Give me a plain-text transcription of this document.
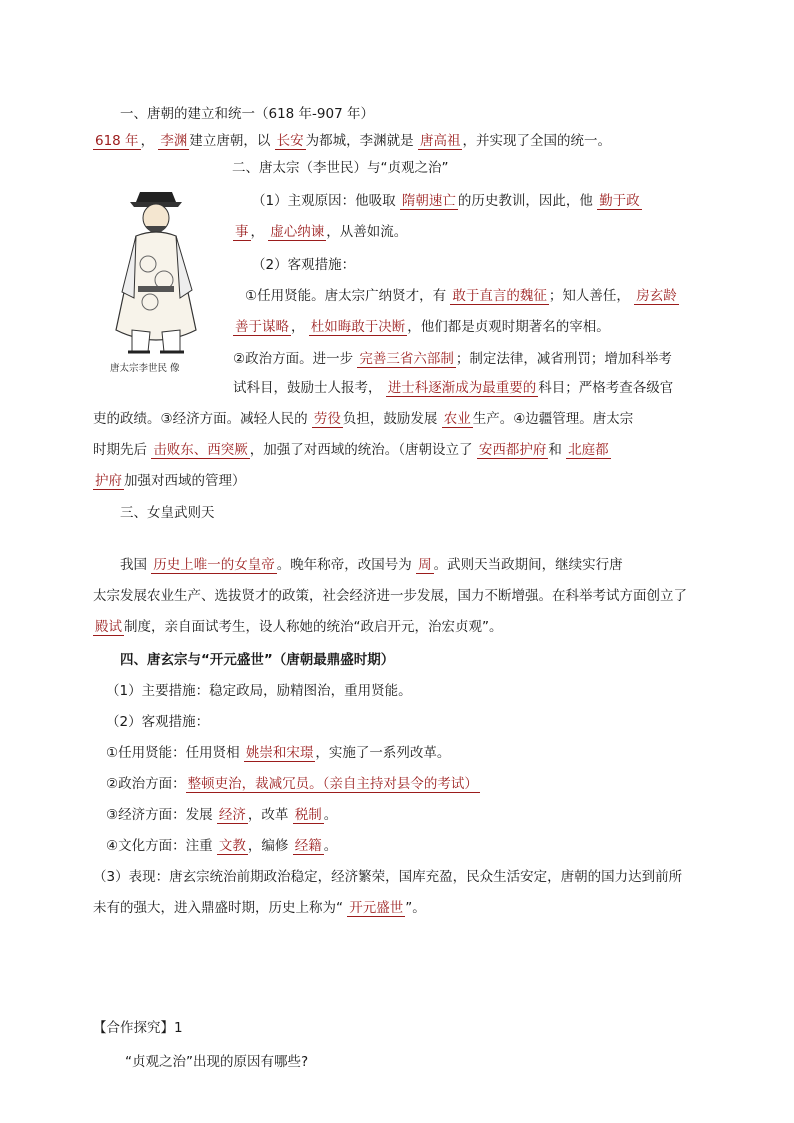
一、唐朝的建立和统一（618 年-907 年）
618 年 ， 李渊 建立唐朝，以 长安 为都城，李渊就是 唐高祖 ，并实现了全国的统一。
二、唐太宗（李世民）与“贞观之治”
唐太宗李世民 像
（1）主观原因：他吸取 隋朝速亡 的历史教训，因此，他 勤于政
事 ， 虚心纳谏 ，从善如流。
（2）客观措施：
①任用贤能。唐太宗广纳贤才，有 敢于直言的魏征 ；知人善任， 房玄龄
善于谋略 ， 杜如晦敢于决断 ，他们都是贞观时期著名的宰相。
②政治方面。进一步 完善三省六部制 ；制定法律，减省刑罚；增加科举考
试科目，鼓励士人报考， 进士科逐渐成为最重要的 科目；严格考查各级官
吏的政绩。③经济方面。减轻人民的 劳役 负担，鼓励发展 农业 生产。④边疆管理。唐太宗
时期先后 击败东、西突厥 ，加强了对西域的统治。（唐朝设立了 安西都护府 和 北庭都
护府 加强对西域的管理）
三、女皇武则天
我国 历史上唯一的女皇帝 。晚年称帝，改国号为 周 。武则天当政期间，继续实行唐
太宗发展农业生产、选拔贤才的政策，社会经济进一步发展，国力不断增强。在科举考试方面创立了
殿试 制度，亲自面试考生，设人称她的统治“政启开元，治宏贞观”。
四、唐玄宗与“开元盛世”（唐朝最鼎盛时期）
（1）主要措施：稳定政局，励精图治，重用贤能。
（2）客观措施：
①任用贤能：任用贤相 姚崇和宋璟 ，实施了一系列改革。
②政治方面： 整顿吏治，裁减冗员。（亲自主持对县令的考试）
③经济方面：发展 经济 ，改革 税制 。
④文化方面：注重 文教 ，编修 经籍 。
（3）表现：唐玄宗统治前期政治稳定，经济繁荣，国库充盈，民众生活安定，唐朝的国力达到前所
未有的强大，进入鼎盛时期，历史上称为“ 开元盛世 ”。
【合作探究】1
“贞观之治”出现的原因有哪些?
